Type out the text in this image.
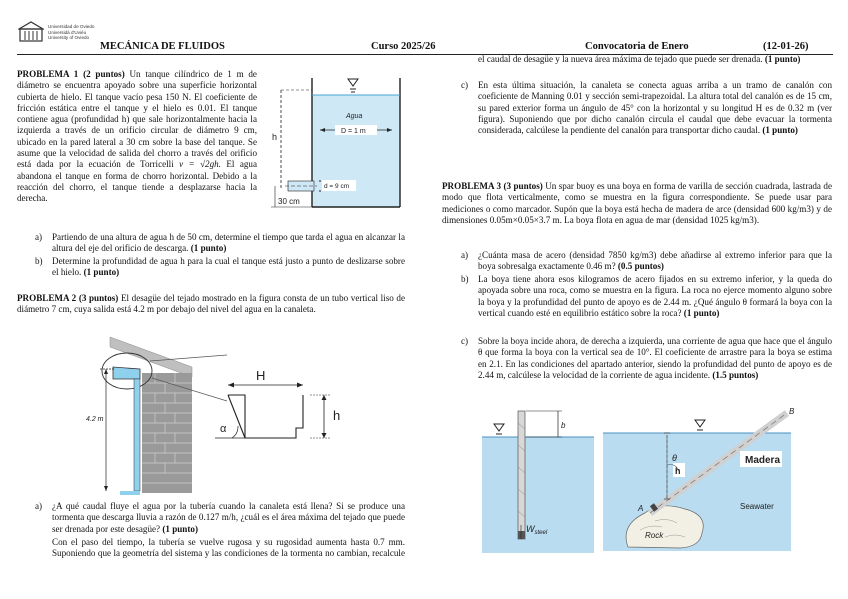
Universidad de Oviedo
Universidá d'Uviéu
University of Oviedo
MECÁNICA DE FLUIDOS	Curso 2025/26	Convocatoria de Enero	(12-01-26)
PROBLEMA 1 (2 puntos) Un tanque cilíndrico de 1 m de diámetro se encuentra apoyado sobre una superficie horizontal cubierta de hielo. El tanque vacío pesa 150 N. El coeficiente de fricción estática entre el tanque y el hielo es 0.01. El tanque contiene agua (profundidad h) que sale horizontalmente hacia la izquierda a través de un orificio circular de diámetro 9 cm, ubicado en la pared lateral a 30 cm sobre la base del tanque. Se asume que la velocidad de salida del chorro a través del orificio está dada por la ecuación de Torricelli v = √2gh. El agua abandona el tanque en forma de chorro horizontal. Debido a la reacción del chorro, el tanque tiende a desplazarse hacia la derecha.
Agua
D = 1 m
h
d = 9 cm
30 cm
a) Partiendo de una altura de agua h de 50 cm, determine el tiempo que tarda el agua en alcanzar la altura del eje del orificio de descarga. (1 punto)
b) Determine la profundidad de agua h para la cual el tanque está justo a punto de deslizarse sobre el hielo. (1 punto)
PROBLEMA 2 (3 puntos) El desagüe del tejado mostrado en la figura consta de un tubo vertical liso de diámetro 7 cm, cuya salida está 4.2 m por debajo del nivel del agua en la canaleta.
4.2 m
α
H
h
a) ¿A qué caudal fluye el agua por la tubería cuando la canaleta está llena? Si se produce una tormenta que descarga lluvia a razón de 0.127 m/h, ¿cuál es el área máxima del tejado que puede ser drenada por este desagüe? (1 punto)
Con el paso del tiempo, la tubería se vuelve rugosa y su rugosidad aumenta hasta 0.7 mm. Suponiendo que la geometría del sistema y las condiciones de la tormenta no cambian, recalcule
el caudal de desagüe y la nueva área máxima de tejado que puede ser drenada. (1 punto)
c) En esta última situación, la canaleta se conecta aguas arriba a un tramo de canalón con coeficiente de Manning 0.01 y sección semi-trapezoidal. La altura total del canalón es de 15 cm, su pared exterior forma un ángulo de 45° con la horizontal y su longitud H es de 0.32 m (ver figura). Suponiendo que por dicho canalón circula el caudal que debe evacuar la tormenta considerada, calcúlese la pendiente del canalón para transportar dicho caudal. (1 punto)
PROBLEMA 3 (3 puntos) Un spar buoy es una boya en forma de varilla de sección cuadrada, lastrada de modo que flota verticalmente, como se muestra en la figura correspondiente. Se puede usar para mediciones o como marcador. Supón que la boya está hecha de madera de arce (densidad 600 kg/m3) y de dimensiones 0.05m×0.05×3.7 m. La boya flota en agua de mar (densidad 1025 kg/m3).
a) ¿Cuánta masa de acero (densidad 7850 kg/m3) debe añadirse al extremo inferior para que la boya sobresalga exactamente 0.46 m? (0.5 puntos)
b) La boya tiene ahora esos kilogramos de acero fijados en su extremo inferior, y la queda do apoyada sobre una roca, como se muestra en la figura. La roca no ejerce momento alguno sobre la boya y la profundidad del punto de apoyo es de 2.44 m. ¿Qué ángulo θ formará la boya con la vertical cuando esté en equilibrio estático sobre la roca? (1 punto)
c) Sobre la boya incide ahora, de derecha a izquierda, una corriente de agua que hace que el ángulo θ que forma la boya con la vertical sea de 10°. El coeficiente de arrastre para la boya se estima en 2.1. En las condiciones del apartado anterior, siendo la profundidad del punto de apoyo es de 2.44 m, calcúlese la velocidad de la corriente de agua incidente. (1.5 puntos)
b
$W_{steel}$	Rock
A
B
h
θ	Madera
Seawater
